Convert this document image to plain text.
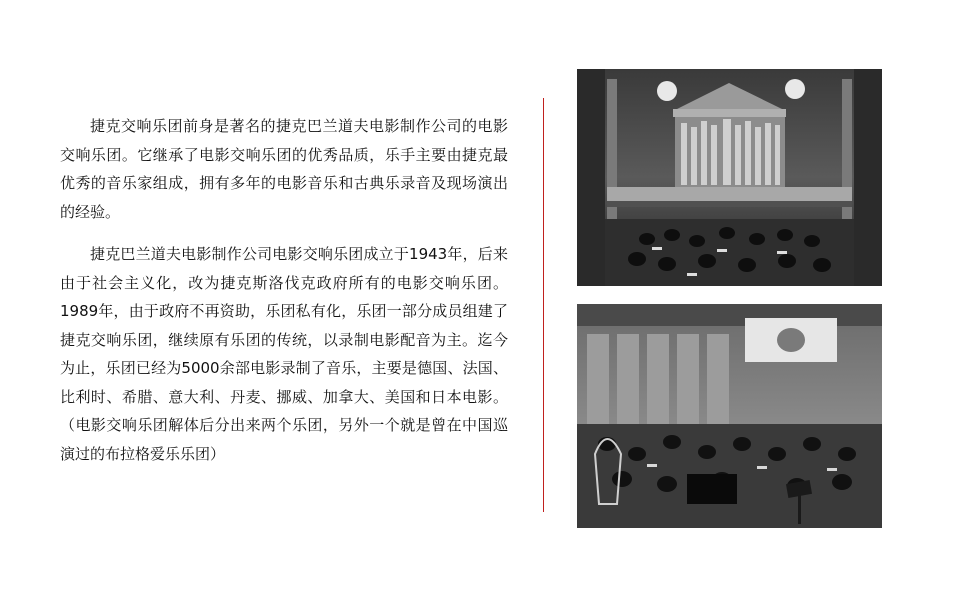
捷克交响乐团前身是著名的捷克巴兰道夫电影制作公司的电影交响乐团。它继承了电影交响乐团的优秀品质，乐手主要由捷克最优秀的音乐家组成，拥有多年的电影音乐和古典乐录音及现场演出的经验。

捷克巴兰道夫电影制作公司电影交响乐团成立于1943年，后来由于社会主义化，改为捷克斯洛伐克政府所有的电影交响乐团。1989年，由于政府不再资助，乐团私有化，乐团一部分成员组建了捷克交响乐团，继续原有乐团的传统，以录制电影配音为主。迄今为止，乐团已经为5000余部电影录制了音乐，主要是德国、法国、比利时、希腊、意大利、丹麦、挪威、加拿大、美国和日本电影。（电影交响乐团解体后分出来两个乐团，另外一个就是曾在中国巡演过的布拉格爱乐乐团）
